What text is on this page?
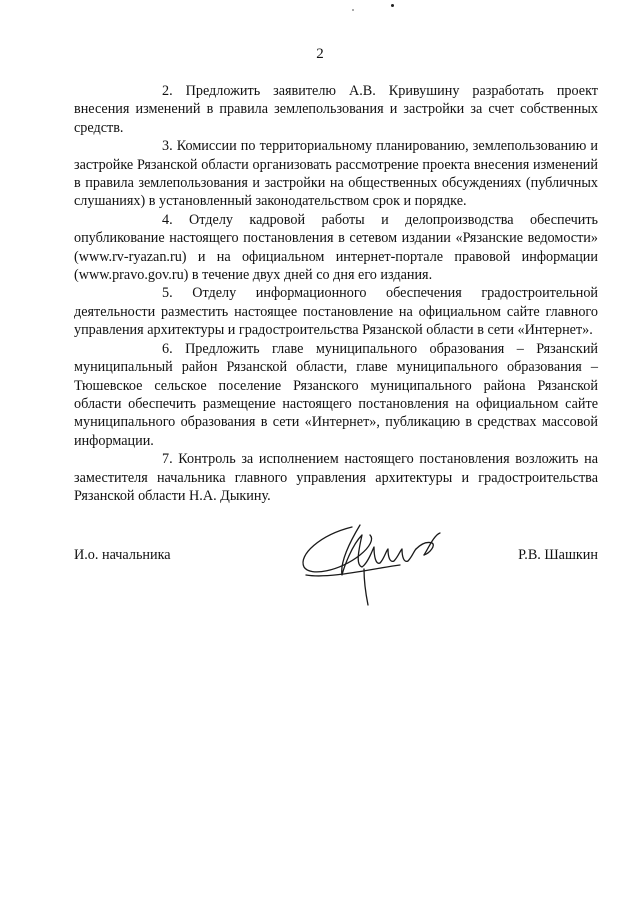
2

2. Предложить заявителю А.В. Кривушину разработать проект внесения изменений в правила землепользования и застройки за счет собственных средств.

3. Комиссии по территориальному планированию, землепользованию и застройке Рязанской области организовать рассмотрение проекта внесения изменений в правила землепользования и застройки на общественных обсуждениях (публичных слушаниях) в установленный законодательством срок и порядке.

4. Отделу кадровой работы и делопроизводства обеспечить опубликование настоящего постановления в сетевом издании «Рязанские ведомости» (www.rv-ryazan.ru) и на официальном интернет-портале правовой информации (www.pravo.gov.ru) в течение двух дней со дня его издания.

5. Отделу информационного обеспечения градостроительной деятельности разместить настоящее постановление на официальном сайте главного управления архитектуры и градостроительства Рязанской области в сети «Интернет».

6. Предложить главе муниципального образования – Рязанский муниципальный район Рязанской области, главе муниципального образования – Тюшевское сельское поселение Рязанского муниципального района Рязанской области обеспечить размещение настоящего постановления на официальном сайте муниципального образования в сети «Интернет», публикацию в средствах массовой информации.

7. Контроль за исполнением настоящего постановления возложить на заместителя начальника главного управления архитектуры и градостроительства Рязанской области Н.А. Дыкину.

И.о. начальника	Р.В. Шашкин
